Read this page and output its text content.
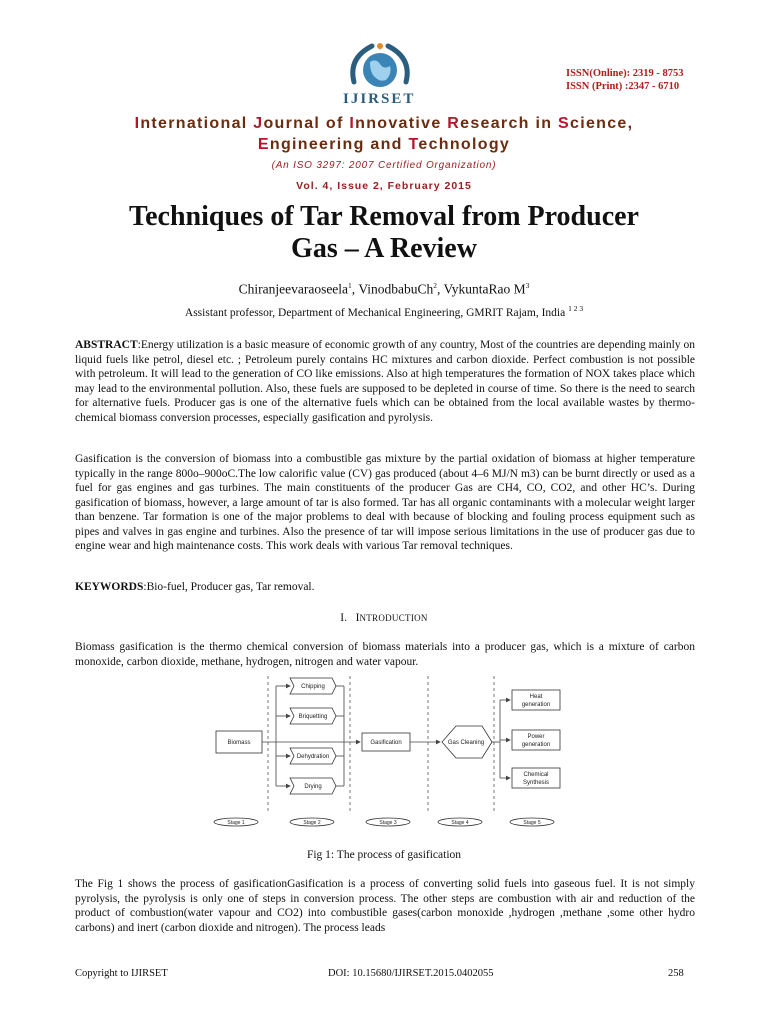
IJIRSET
ISSN(Online): 2319 - 8753
ISSN (Print) :2347 - 6710
International Journal of Innovative Research in Science,
Engineering and Technology
(An ISO 3297: 2007 Certified Organization)
Vol. 4, Issue 2, February 2015
Techniques of Tar Removal from Producer
Gas – A Review
Chiranjeevaraoseela$^1$, VinodbabuCh$^2$, VykuntaRao $M^3$
Assistant professor, Department of Mechanical Engineering, GMRIT Rajam, India $^{1 2 3}$
ABSTRACT:Energy utilization is a basic measure of economic growth of any country, Most of the countries are depending mainly on liquid fuels like petrol, diesel etc. ; Petroleum purely contains HC mixtures and carbon dioxide. Perfect combustion is not possible with petroleum. It will lead to the generation of CO like emissions. Also at high temperatures the formation of NOX takes place which may lead to the environmental pollution. Also, these fuels are supposed to be depleted in course of time. So there is the need to search for alternative fuels. Producer gas is one of the alternative fuels which can be obtained from the local available wastes by thermo-chemical biomass conversion processes, especially gasification and pyrolysis.
Gasification is the conversion of biomass into a combustible gas mixture by the partial oxidation of biomass at higher temperature typically in the range 800o–900oC.The low calorific value (CV) gas produced (about 4–6 MJ/N m3) can be burnt directly or used as a fuel for gas engines and gas turbines. The main constituents of the producer Gas are CH4, CO, CO2, and other HC’s. During gasification of biomass, however, a large amount of tar is also formed. Tar has all organic contaminants with a molecular weight larger than benzene. Tar formation is one of the major problems to deal with because of blocking and fouling process equipment such as pipes and valves in gas engine and turbines. Also the presence of tar will impose serious limitations in the use of producer gas due to engine wear and high maintenance costs. This work deals with various Tar removal techniques.
KEYWORDS:Bio-fuel, Producer gas, Tar removal.
I. INTRODUCTION
Biomass gasification is the thermo chemical conversion of biomass materials into a producer gas, which is a mixture of carbon monoxide, carbon dioxide, methane, hydrogen, nitrogen and water vapour.
Biomass
Chipping
Briquetting
Dehydration
Drying
Gasification	Gas Cleaning
Heat
generation
Power
generation
Chemical
Synthesis
Stage 1	Stage 2	Stage 3	Stage 4	Stage 5
Fig 1: The process of gasification
The Fig 1 shows the process of gasificationGasification is a process of converting solid fuels into gaseous fuel. It is not simply pyrolysis, the pyrolysis is only one of steps in conversion process. The other steps are combustion with air and reduction of the product of combustion(water vapour and CO2) into combustible gases(carbon monoxide ,hydrogen ,methane ,some other hydro carbons) and inert (carbon dioxide and nitrogen). The process leads
Copyright to IJIRSET	DOI: 10.15680/IJIRSET.2015.0402055	258
